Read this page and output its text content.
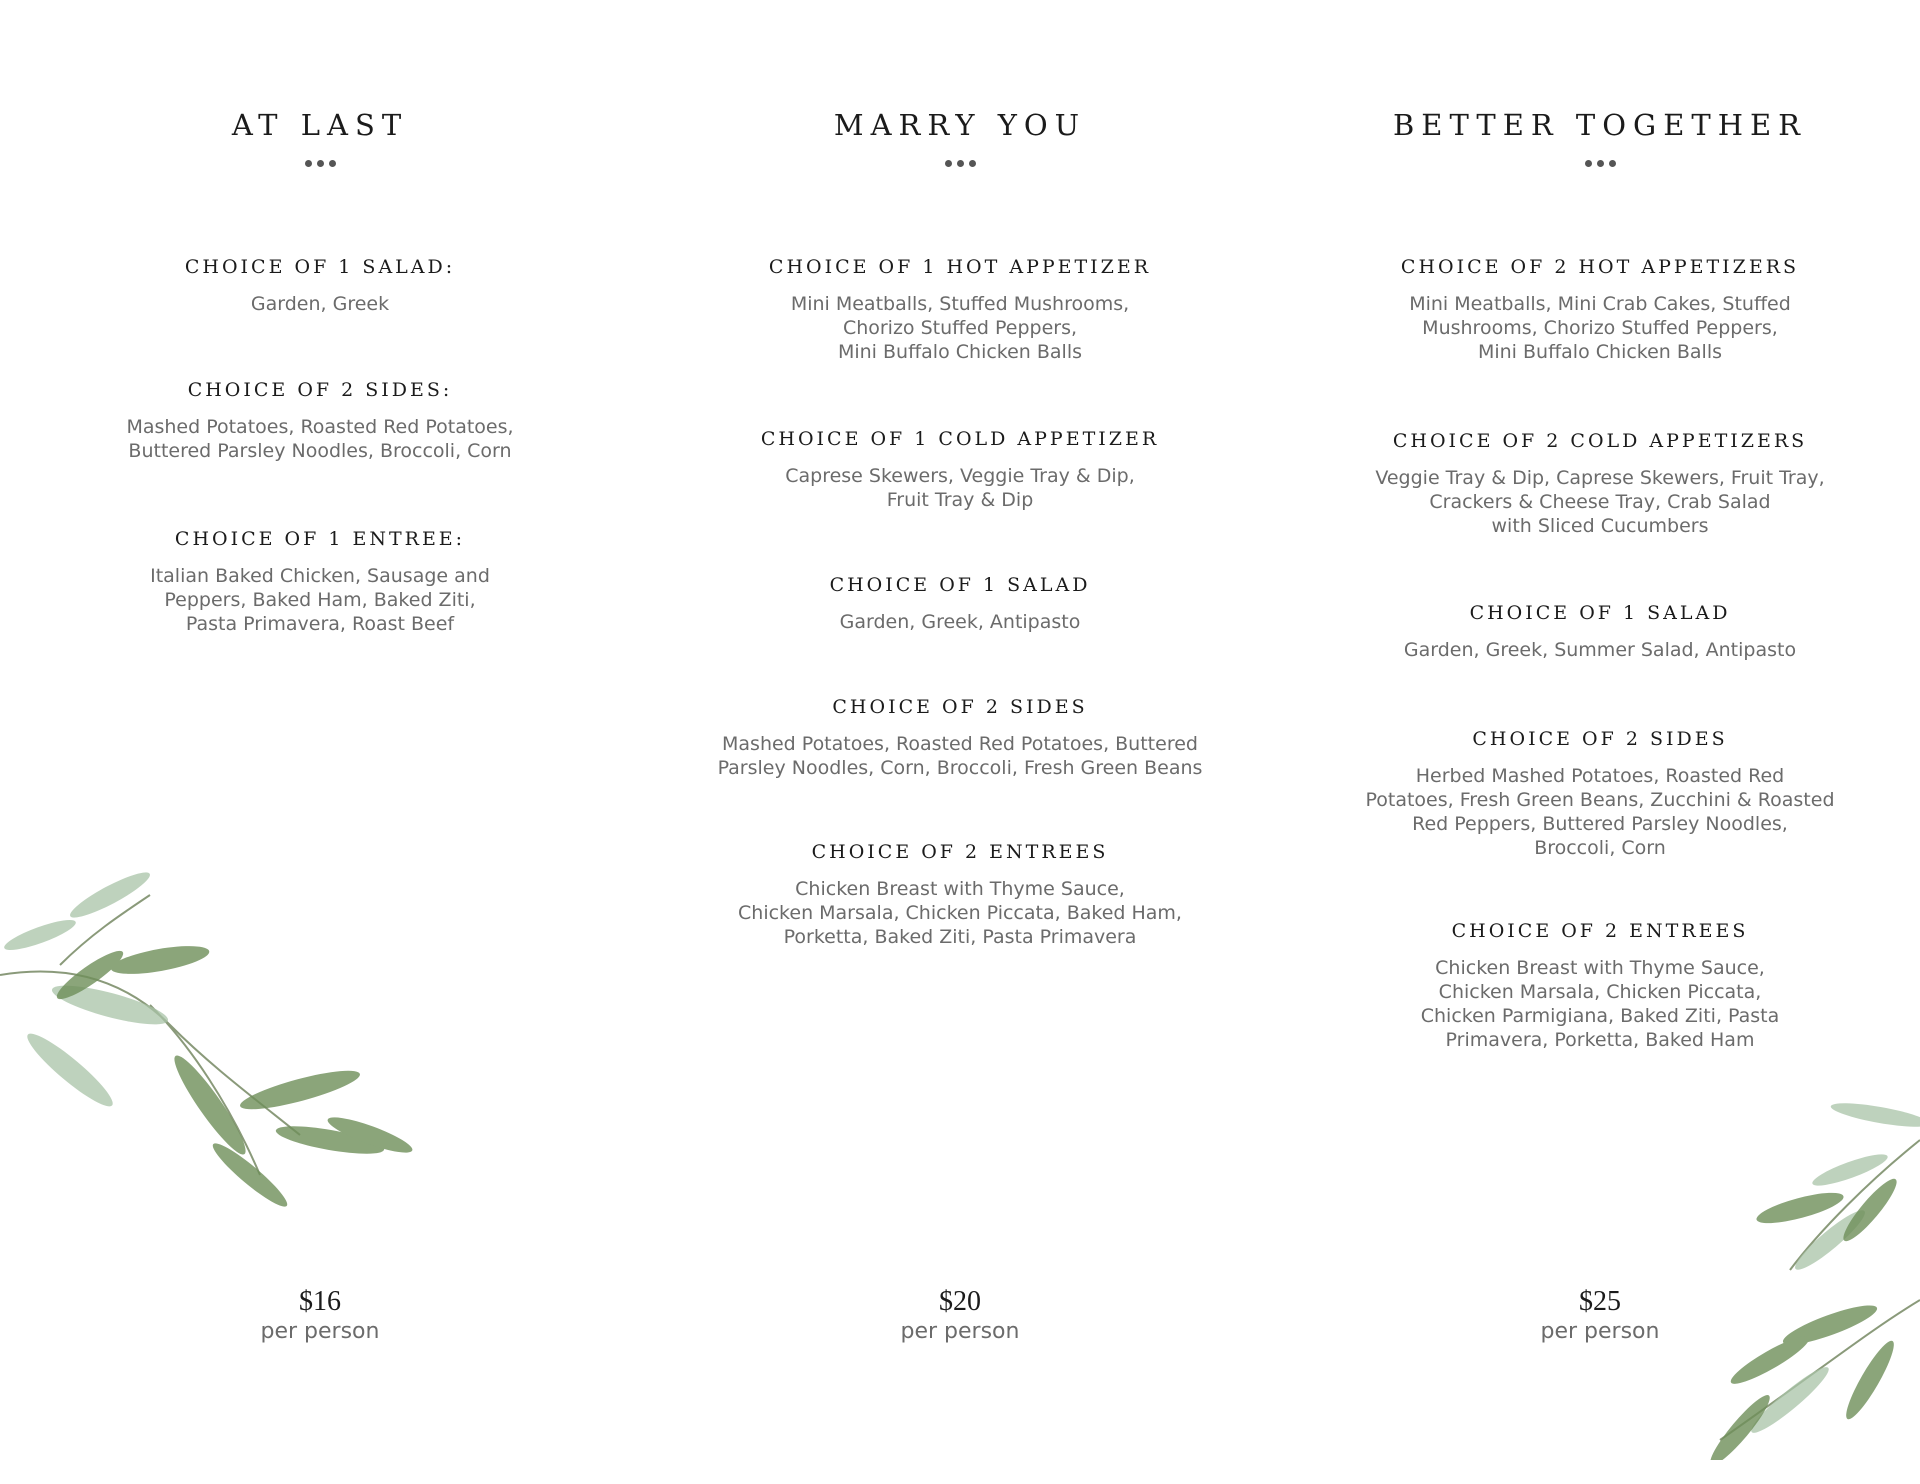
AT LAST

CHOICE OF 1 SALAD:

Garden, Greek

CHOICE OF 2 SIDES:

Mashed Potatoes, Roasted Red Potatoes,
Buttered Parsley Noodles, Broccoli, Corn

CHOICE OF 1 ENTREE:

Italian Baked Chicken, Sausage and
Peppers, Baked Ham, Baked Ziti,
Pasta Primavera, Roast Beef

$16
per person
MARRY YOU

CHOICE OF 1 HOT APPETIZER

Mini Meatballs, Stuffed Mushrooms,
Chorizo Stuffed Peppers,
Mini Buffalo Chicken Balls

CHOICE OF 1 COLD APPETIZER

Caprese Skewers, Veggie Tray & Dip,
Fruit Tray & Dip

CHOICE OF 1 SALAD

Garden, Greek, Antipasto

CHOICE OF 2 SIDES

Mashed Potatoes, Roasted Red Potatoes, Buttered
Parsley Noodles, Corn, Broccoli, Fresh Green Beans

CHOICE OF 2 ENTREES

Chicken Breast with Thyme Sauce,
Chicken Marsala, Chicken Piccata, Baked Ham,
Porketta, Baked Ziti, Pasta Primavera

$20
per person
BETTER TOGETHER

CHOICE OF 2 HOT APPETIZERS

Mini Meatballs, Mini Crab Cakes, Stuffed
Mushrooms, Chorizo Stuffed Peppers,
Mini Buffalo Chicken Balls

CHOICE OF 2 COLD APPETIZERS

Veggie Tray & Dip, Caprese Skewers, Fruit Tray,
Crackers & Cheese Tray, Crab Salad
with Sliced Cucumbers

CHOICE OF 1 SALAD

Garden, Greek, Summer Salad, Antipasto

CHOICE OF 2 SIDES

Herbed Mashed Potatoes, Roasted Red
Potatoes, Fresh Green Beans, Zucchini & Roasted
Red Peppers, Buttered Parsley Noodles,
Broccoli, Corn

CHOICE OF 2 ENTREES

Chicken Breast with Thyme Sauce,
Chicken Marsala, Chicken Piccata,
Chicken Parmigiana, Baked Ziti, Pasta
Primavera, Porketta, Baked Ham

$25
per person
